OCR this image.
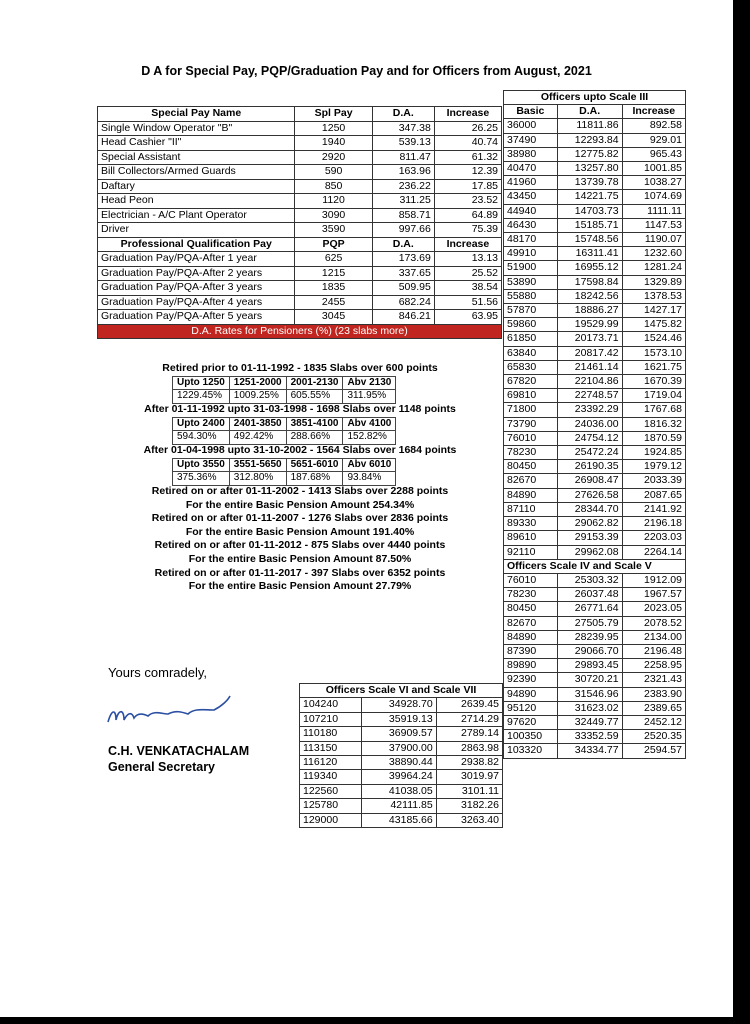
D A for Special Pay, PQP/Graduation Pay and for Officers from August, 2021
Special Pay Name	Spl Pay	D.A.	Increase
Single Window Operator "B"	1250	347.38	26.25
Head Cashier "II"	1940	539.13	40.74
Special Assistant	2920	811.47	61.32
Bill Collectors/Armed Guards	590	163.96	12.39
Daftary	850	236.22	17.85
Head Peon	1120	311.25	23.52
Electrician - A/C Plant Operator	3090	858.71	64.89
Driver	3590	997.66	75.39
Professional Qualification Pay	PQP	D.A.	Increase
Graduation Pay/PQA-After 1 year	625	173.69	13.13
Graduation Pay/PQA-After 2 years	1215	337.65	25.52
Graduation Pay/PQA-After 3 years	1835	509.95	38.54
Graduation Pay/PQA-After 4 years	2455	682.24	51.56
Graduation Pay/PQA-After 5 years	3045	846.21	63.95
D.A. Rates for Pensioners (%) (23 slabs more)			
Retired prior to 01-11-1992 - 1835 Slabs over 600 points
Upto 1250	1251-2000	2001-2130	Abv 2130
1229.45%	1009.25%	605.55%	311.95%
After 01-11-1992 upto 31-03-1998 - 1698 Slabs over 1148 points
Upto 2400	2401-3850	3851-4100	Abv 4100
594.30%	492.42%	288.66%	152.82%
After 01-04-1998 upto 31-10-2002 - 1564 Slabs over 1684 points
Upto 3550	3551-5650	5651-6010	Abv 6010
375.36%	312.80%	187.68%	93.84%
Retired on or after 01-11-2002 - 1413 Slabs over 2288 points
For the entire Basic Pension Amount 254.34%
Retired on or after 01-11-2007 - 1276 Slabs over 2836 points
For the entire Basic Pension Amount 191.40%
Retired on or after 01-11-2012 - 875 Slabs over 4440 points
For the entire Basic Pension Amount 87.50%
Retired on or after 01-11-2017 - 397 Slabs over 6352 points
For the entire Basic Pension Amount 27.79%
Officers upto Scale III		
Basic	D.A.	Increase
36000	11811.86	892.58
37490	12293.84	929.01
38980	12775.82	965.43
40470	13257.80	1001.85
41960	13739.78	1038.27
43450	14221.75	1074.69
44940	14703.73	1111.11
46430	15185.71	1147.53
48170	15748.56	1190.07
49910	16311.41	1232.60
51900	16955.12	1281.24
53890	17598.84	1329.89
55880	18242.56	1378.53
57870	18886.27	1427.17
59860	19529.99	1475.82
61850	20173.71	1524.46
63840	20817.42	1573.10
65830	21461.14	1621.75
67820	22104.86	1670.39
69810	22748.57	1719.04
71800	23392.29	1767.68
73790	24036.00	1816.32
76010	24754.12	1870.59
78230	25472.24	1924.85
80450	26190.35	1979.12
82670	26908.47	2033.39
84890	27626.58	2087.65
87110	28344.70	2141.92
89330	29062.82	2196.18
89610	29153.39	2203.03
92110	29962.08	2264.14
Officers Scale IV and Scale V		
76010	25303.32	1912.09
78230	26037.48	1967.57
80450	26771.64	2023.05
82670	27505.79	2078.52
84890	28239.95	2134.00
87390	29066.70	2196.48
89890	29893.45	2258.95
92390	30720.21	2321.43
94890	31546.96	2383.90
95120	31623.02	2389.65
97620	32449.77	2452.12
100350	33352.59	2520.35
103320	34334.77	2594.57
Officers Scale VI and Scale VII		
104240	34928.70	2639.45
107210	35919.13	2714.29
110180	36909.57	2789.14
113150	37900.00	2863.98
116120	38890.44	2938.82
119340	39964.24	3019.97
122560	41038.05	3101.11
125780	42111.85	3182.26
129000	43185.66	3263.40
Yours comradely,
C.H. VENKATACHALAM
General Secretary
